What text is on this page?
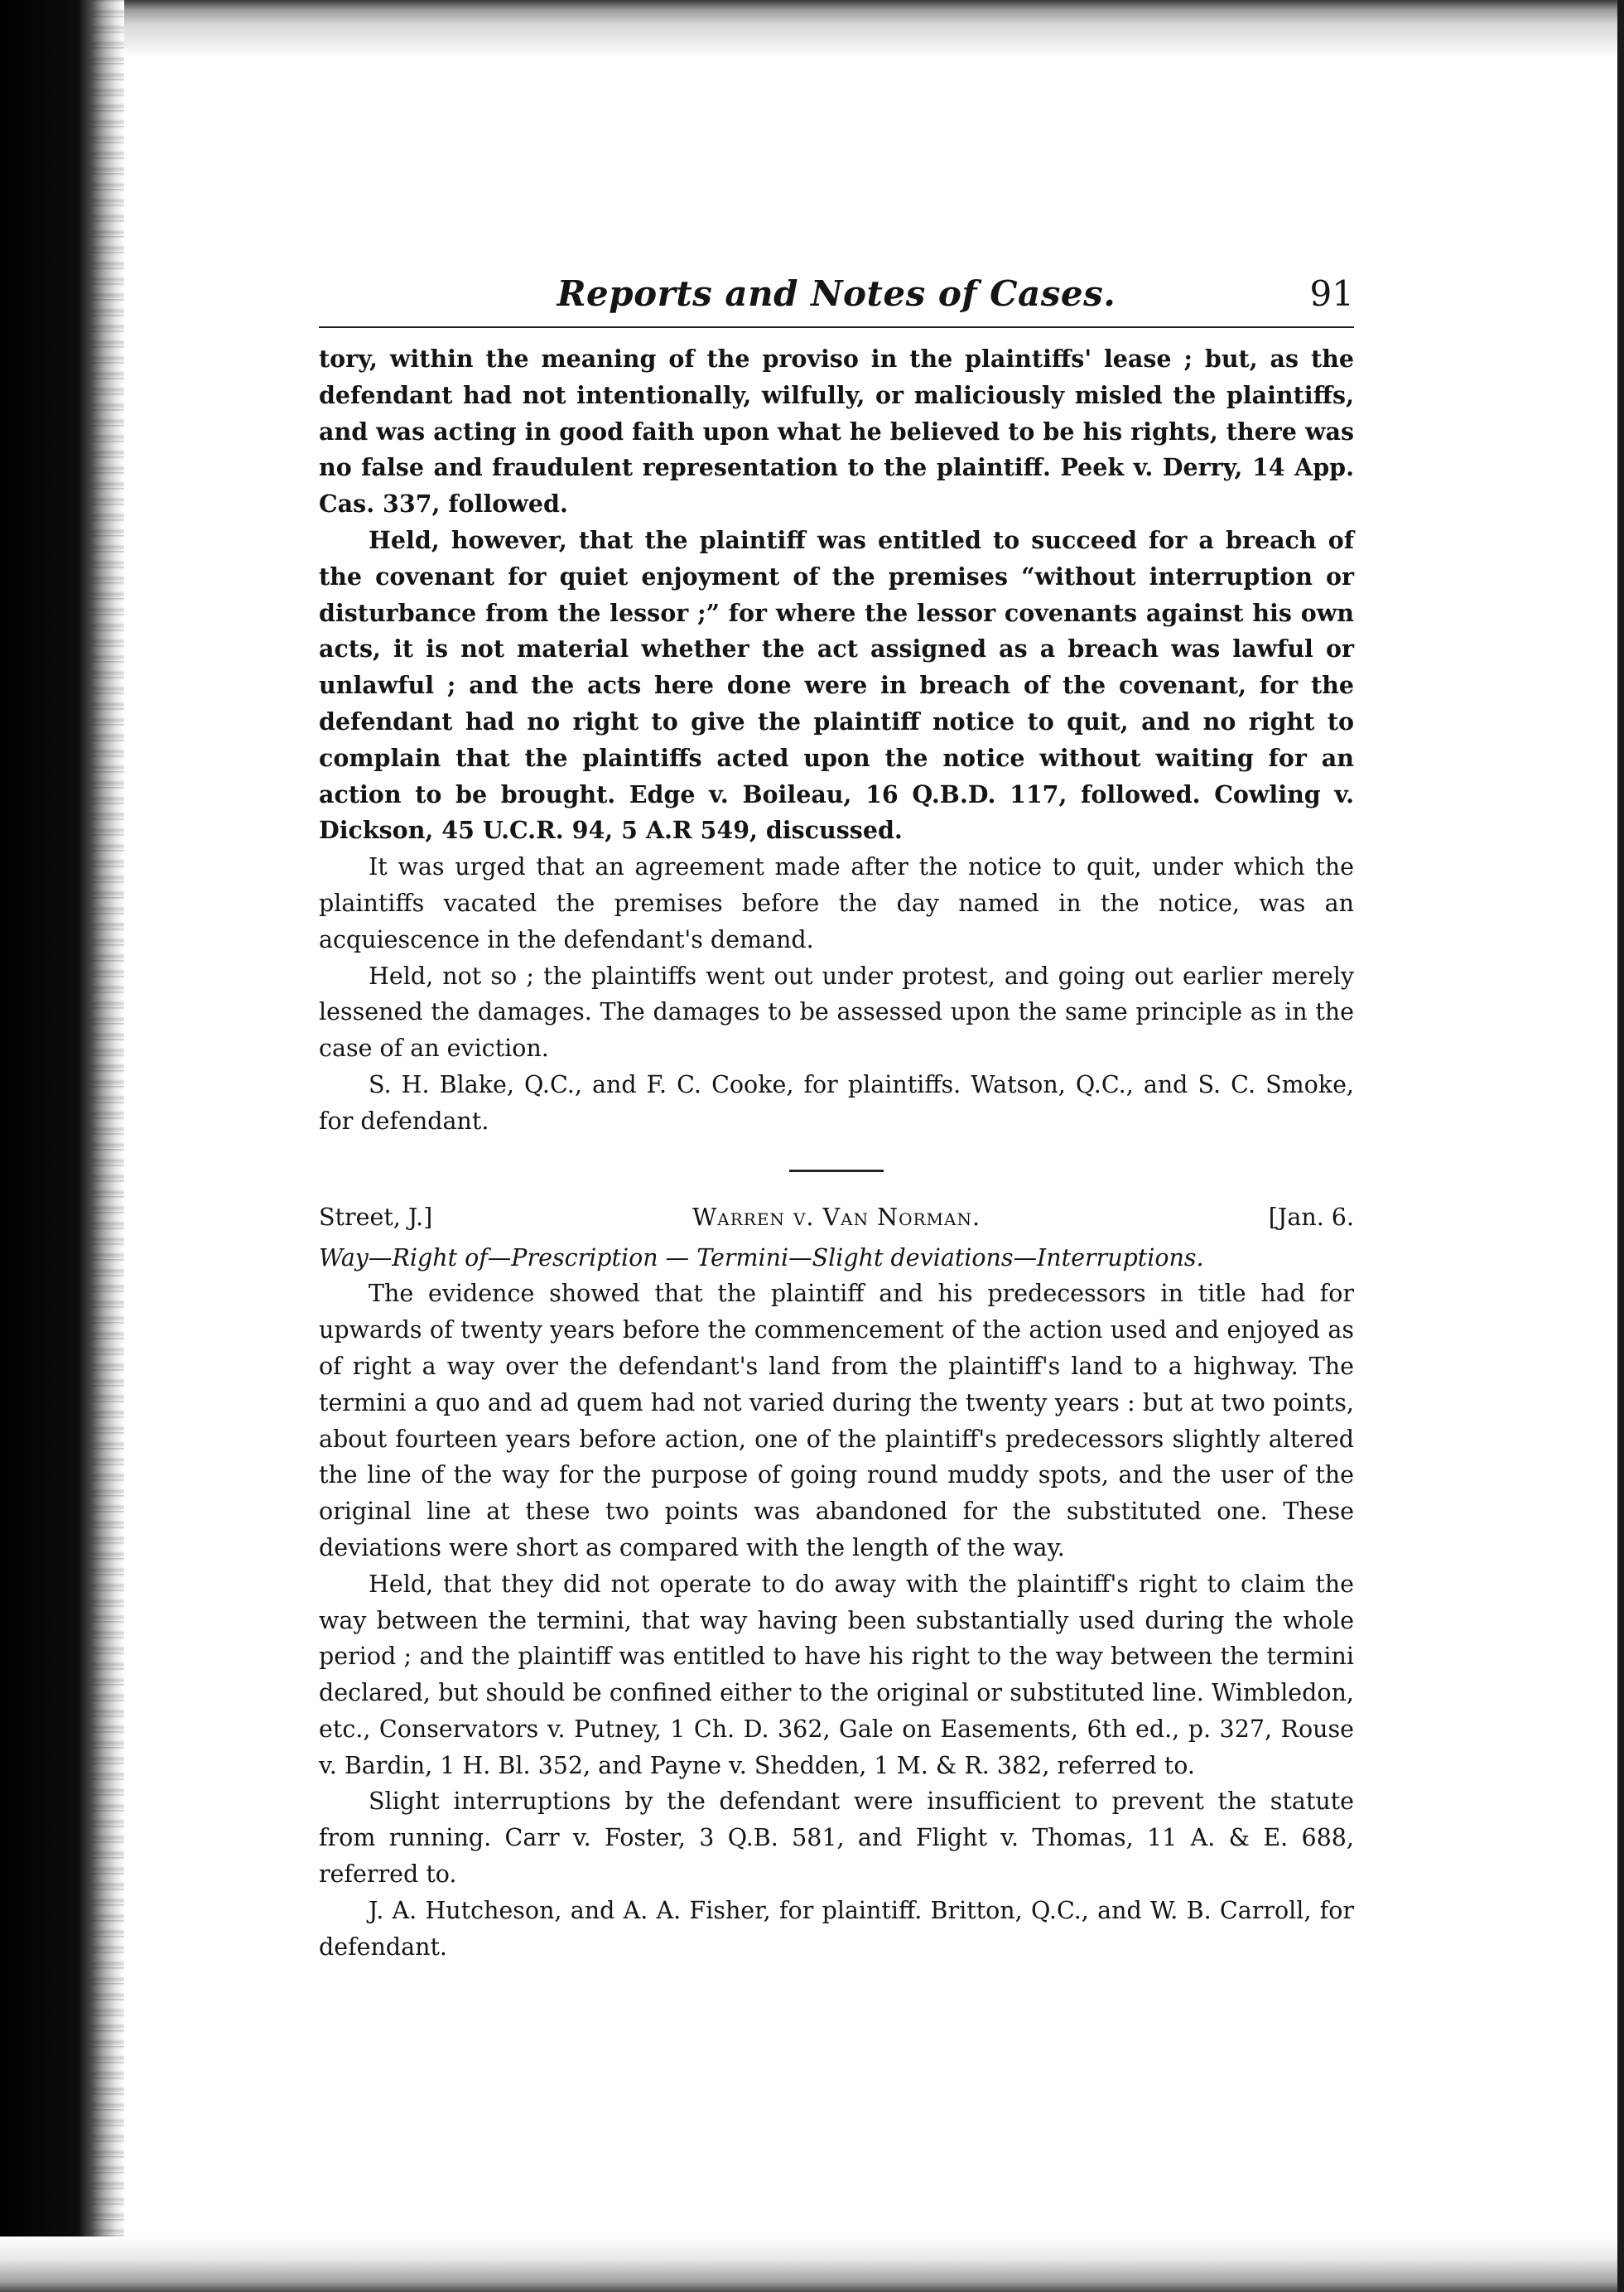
Reports and Notes of Cases.	91

tory, within the meaning of the proviso in the plaintiffs' lease ; but, as the defendant had not intentionally, wilfully, or maliciously misled the plaintiffs, and was acting in good faith upon what he believed to be his rights, there was no false and fraudulent representation to the plaintiff. Peek v. Derry, 14 App. Cas. 337, followed.

Held, however, that the plaintiff was entitled to succeed for a breach of the covenant for quiet enjoyment of the premises “without interruption or disturbance from the lessor ;” for where the lessor covenants against his own acts, it is not material whether the act assigned as a breach was lawful or unlawful ; and the acts here done were in breach of the covenant, for the defendant had no right to give the plaintiff notice to quit, and no right to complain that the plaintiffs acted upon the notice without waiting for an action to be brought. Edge v. Boileau, 16 Q.B.D. 117, followed. Cowling v. Dickson, 45 U.C.R. 94, 5 A.R 549, discussed.

It was urged that an agreement made after the notice to quit, under which the plaintiffs vacated the premises before the day named in the notice, was an acquiescence in the defendant's demand.

Held, not so ; the plaintiffs went out under protest, and going out earlier merely lessened the damages. The damages to be assessed upon the same principle as in the case of an eviction.

S. H. Blake, Q.C., and F. C. Cooke, for plaintiffs. Watson, Q.C., and S. C. Smoke, for defendant.

Street, J.]	Warren v. Van Norman.	[Jan. 6.

Way—Right of—Prescription — Termini—Slight deviations—Interruptions.

The evidence showed that the plaintiff and his predecessors in title had for upwards of twenty years before the commencement of the action used and enjoyed as of right a way over the defendant's land from the plaintiff's land to a highway. The termini a quo and ad quem had not varied during the twenty years : but at two points, about fourteen years before action, one of the plaintiff's predecessors slightly altered the line of the way for the purpose of going round muddy spots, and the user of the original line at these two points was abandoned for the substituted one. These deviations were short as compared with the length of the way.

Held, that they did not operate to do away with the plaintiff's right to claim the way between the termini, that way having been substantially used during the whole period ; and the plaintiff was entitled to have his right to the way between the termini declared, but should be confined either to the original or substituted line. Wimbledon, etc., Conservators v. Putney, 1 Ch. D. 362, Gale on Easements, 6th ed., p. 327, Rouse v. Bardin, 1 H. Bl. 352, and Payne v. Shedden, 1 M. & R. 382, referred to.

Slight interruptions by the defendant were insufficient to prevent the statute from running. Carr v. Foster, 3 Q.B. 581, and Flight v. Thomas, 11 A. & E. 688, referred to.

J. A. Hutcheson, and A. A. Fisher, for plaintiff. Britton, Q.C., and W. B. Carroll, for defendant.
